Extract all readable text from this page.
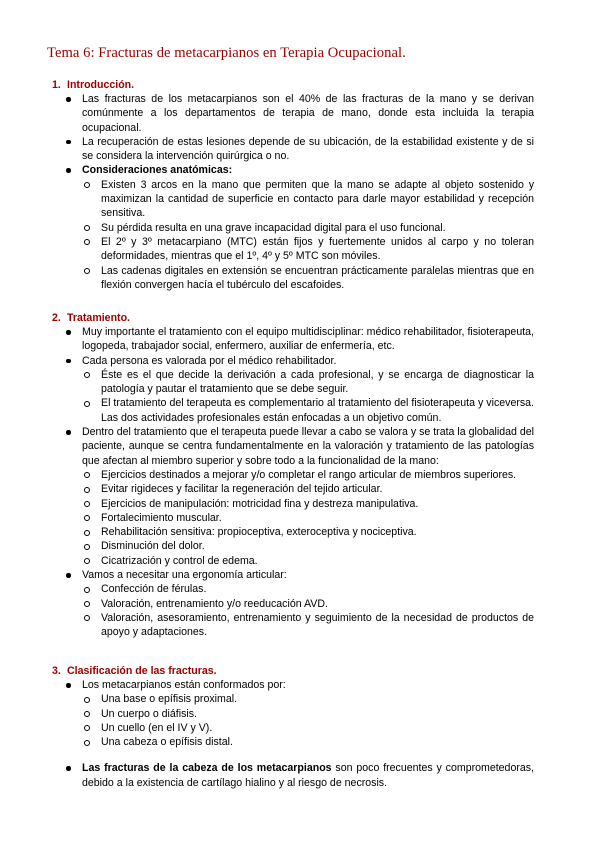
Tema 6: Fracturas de metacarpianos en Terapia Ocupacional.
1. Introducción.
Las fracturas de los metacarpianos son el 40% de las fracturas de la mano y se derivan comúnmente a los departamentos de terapia de mano, donde esta incluida la terapia ocupacional.
La recuperación de estas lesiones depende de su ubicación, de la estabilidad existente y de si se considera la intervención quirúrgica o no.
Consideraciones anatómicas:
Existen 3 arcos en la mano que permiten que la mano se adapte al objeto sostenido y maximizan la cantidad de superficie en contacto para darle mayor estabilidad y recepción sensitiva.
Su pérdida resulta en una grave incapacidad digital para el uso funcional.
El 2º y 3º metacarpiano (MTC) están fijos y fuertemente unidos al carpo y no toleran deformidades, mientras que el 1º, 4º y 5º MTC son móviles.
Las cadenas digitales en extensión se encuentran prácticamente paralelas mientras que en flexión convergen hacía el tubérculo del escafoides.
2. Tratamiento.
Muy importante el tratamiento con el equipo multidisciplinar: médico rehabilitador, fisioterapeuta, logopeda, trabajador social, enfermero, auxiliar de enfermería, etc.
Cada persona es valorada por el médico rehabilitador.
Éste es el que decide la derivación a cada profesional, y se encarga de diagnosticar la patología y pautar el tratamiento que se debe seguir.
El tratamiento del terapeuta es complementario al tratamiento del fisioterapeuta y viceversa. Las dos actividades profesionales están enfocadas a un objetivo común.
Dentro del tratamiento que el terapeuta puede llevar a cabo se valora y se trata la globalidad del paciente, aunque se centra fundamentalmente en la valoración y tratamiento de las patologías que afectan al miembro superior y sobre todo a la funcionalidad de la mano:
Ejercicios destinados a mejorar y/o completar el rango articular de miembros superiores.
Evitar rigideces y facilitar la regeneración del tejido articular.
Ejercicios de manipulación: motricidad fina y destreza manipulativa.
Fortalecimiento muscular.
Rehabilitación sensitiva: propioceptiva, exteroceptiva y nociceptiva.
Disminución del dolor.
Cicatrización y control de edema.
Vamos a necesitar una ergonomía articular:
Confección de férulas.
Valoración, entrenamiento y/o reeducación AVD.
Valoración, asesoramiento, entrenamiento y seguimiento de la necesidad de productos de apoyo y adaptaciones.
3. Clasificación de las fracturas.
Los metacarpianos están conformados por:
Una base o epífisis proximal.
Un cuerpo o diáfisis.
Un cuello (en el IV y V).
Una cabeza o epífisis distal.
Las fracturas de la cabeza de los metacarpianos son poco frecuentes y comprometedoras, debido a la existencia de cartílago hialino y al riesgo de necrosis.
